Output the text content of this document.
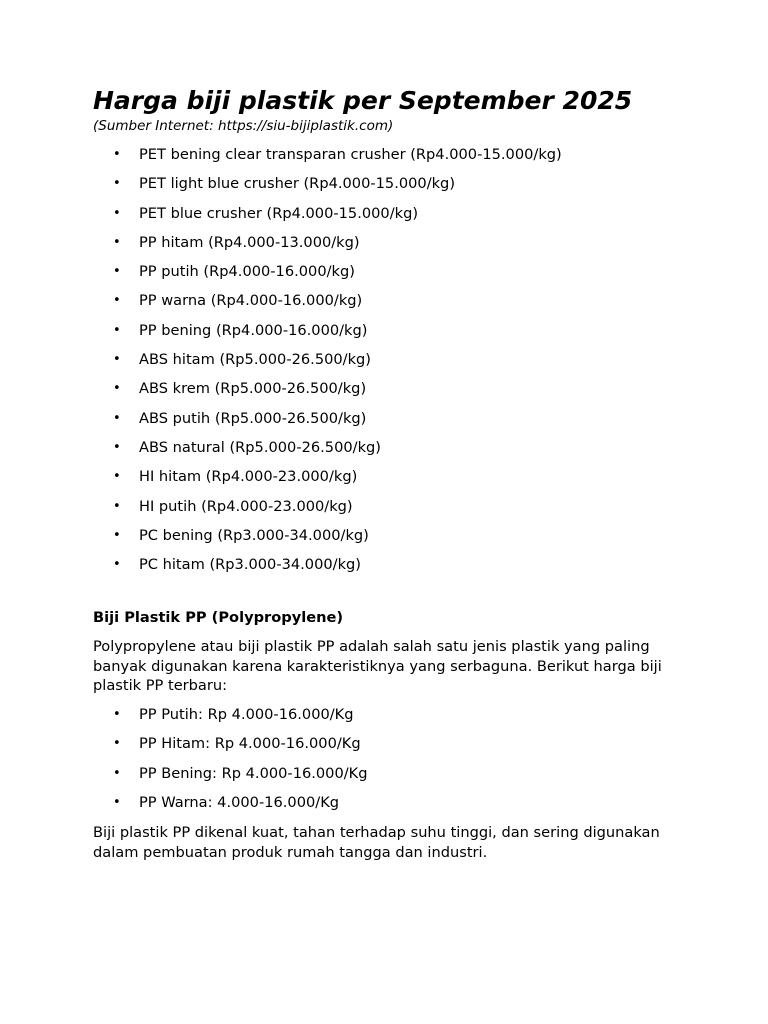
Harga biji plastik per September 2025

(Sumber Internet: https://siu-bijiplastik.com)

• PET bening clear transparan crusher (Rp4.000-15.000/kg)
• PET light blue crusher (Rp4.000-15.000/kg)
• PET blue crusher (Rp4.000-15.000/kg)
• PP hitam (Rp4.000-13.000/kg)
• PP putih (Rp4.000-16.000/kg)
• PP warna (Rp4.000-16.000/kg)
• PP bening (Rp4.000-16.000/kg)
• ABS hitam (Rp5.000-26.500/kg)
• ABS krem (Rp5.000-26.500/kg)
• ABS putih (Rp5.000-26.500/kg)
• ABS natural (Rp5.000-26.500/kg)
• HI hitam (Rp4.000-23.000/kg)
• HI putih (Rp4.000-23.000/kg)
• PC bening (Rp3.000-34.000/kg)
• PC hitam (Rp3.000-34.000/kg)
Biji Plastik PP (Polypropylene)

Polypropylene atau biji plastik PP adalah salah satu jenis plastik yang paling banyak digunakan karena karakteristiknya yang serbaguna. Berikut harga biji plastik PP terbaru:

• PP Putih: Rp 4.000-16.000/Kg
• PP Hitam: Rp 4.000-16.000/Kg
• PP Bening: Rp 4.000-16.000/Kg
• PP Warna: 4.000-16.000/Kg

Biji plastik PP dikenal kuat, tahan terhadap suhu tinggi, dan sering digunakan dalam pembuatan produk rumah tangga dan industri.
